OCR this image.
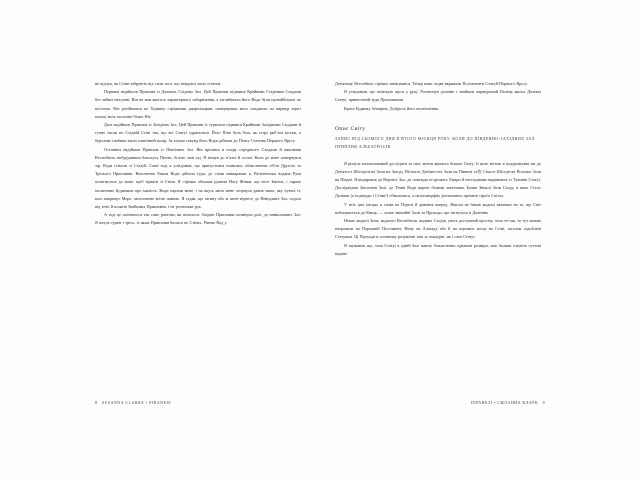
не відчув, як Стіни вібрують від сили того, що невдовзі мало статися.

Першим надійшов Приплив із Далеких Східних Зал. Цей Приплив піднявся Крайніми Східними Сходами без зайвої метушні. Він не мав якогось характерного забарвлення, а заглибшали його Води були щонайбільше по кісточок. Він розійшовся по Хіднику стрімкими джерельцями, повернувши мого спадаючи на мармур через пальці моїх молочно-білих Ніг.

Далі надійшов Приплив із Західних Зал. Цей Приплив із гуркотом піднявся Крайніми Західними Сходами й гучно лясав по Східній Стіні так, що всі Статуї здригалися. Його Піна була біла, як старі рибʼячі кістки, а бурхливі глибини мали олив'яний колір. За кілька секунд його Води дійшли до Поясу Статуям Першого Ярусу.

Останнім надійшов Приплив із Північних Зал. Він врізався в опору середнього Сходами й наповнив Вестибюль, вибудувавши блискучу Піною, білою, мов лід. Я зіпнув до пʼятої й осілої. Коли до мене повернувся зір, Води стікали зі Статуй. Саме тоді я усвідомив, що припустився помилки, обчислюючи об'єм Другого та Третього Припливів. Височенна Хвиля Води дійшла туди, де стояв навкарачки я. Велетенська водяна Рука потягнулася до мене, щоб зірвати зі Стіни. Я стрімко обхопив руками Ногу Жінки, що несе Звиток, і гаряче молитовно Будинкові про милість. Води парами мене, і на якусь мить мене огорнула давня тиша, яку чують ті, кого накривує Море, заполонене всією живою. Я гадав, що загину або ж мене віднесе до Невідомих Зал, подалі від течії й шляхів Знайомих Припливів, і не розтискав рук.

А тоді це скінчилося так само раптово, як почалося. Згадані Припливи полинули далі, до навколишніх Зал. Я почув гуркіт і тріск, із яким Припливи билися по Стінах. Рівень Вод у

8 SUSANNA CLARKE • PIRANESI

Дев'ятому Вестибюлі стрімко знижувався. Тепер вони ледве вкривали Постаменти Статуй Першого Ярусу.

Я усвідомив, що затискую щось у руці. Розтиснув долоню і знайшов мармуровий Палець якоїсь Далекої Статуї, принесений туди Припливами.

Краса Будинку безмірна; Добрість його нескінченна.

Опис Світу

ЗАПИС ВІД СЬОМОГО ДНЯ П'ЯТОГО МІСЯЦЯ РОКУ, КОЛИ ДО ПІВДЕННО-ЗАХІДНИХ ЗАЛ ПРИПЛИВ АЛЬБАТРОСІВ

Я рішуче налаштований дослідити за своє життя якомога більше Світу. Із цією метою я подорожував аж до Дев'ятсот Шістдесятої Зали на Заході, Вісімсот Дев'яностої Зали на Півночі та焦 Сімсот Шістдесят Восьмої Зали на Півдні. Я видирався до Верхніх Зал, де повсюди огортають Хмари й несподівано виринають із Туманів Статуї. Досліджував Затоплені Залі, де Темні Води вкриті білими лататтями. Бачив Зниклі Зали Сходу, в яких Стелі, Долівки (а подекуди і Стіни!) обвалилися, а налітоморфну розтинають промені сірого Світла.

У всіх цих місцях я стояв на Порозі й дивився вперед. Ніколи не бачив жодної вказівки на те, що Світ наближається до Кінця, — лише звичайні Зали та Проходи, що тягнуться в Далечінь.

Немає жодної Зали, жодного Вестибюля, жодних Сходів, увесь доступний простір, хоча те-сяк, то тут можна натрапити на Порожній Постамент, Нішу чи Альтаду або й на порожнє місце на Стіні, загалом оздоблені Статуями. Ці Проходи в сповному розумінні такі ж гламурні, як і самі Статуї.

Я зауважив, що, хоча Статуї в одній Залі мають більш-менш однакові розміри, між Залами існують суттєві відмін-

ПІРАНЕЗІ • СЮЗАННА КЛАРК 9
